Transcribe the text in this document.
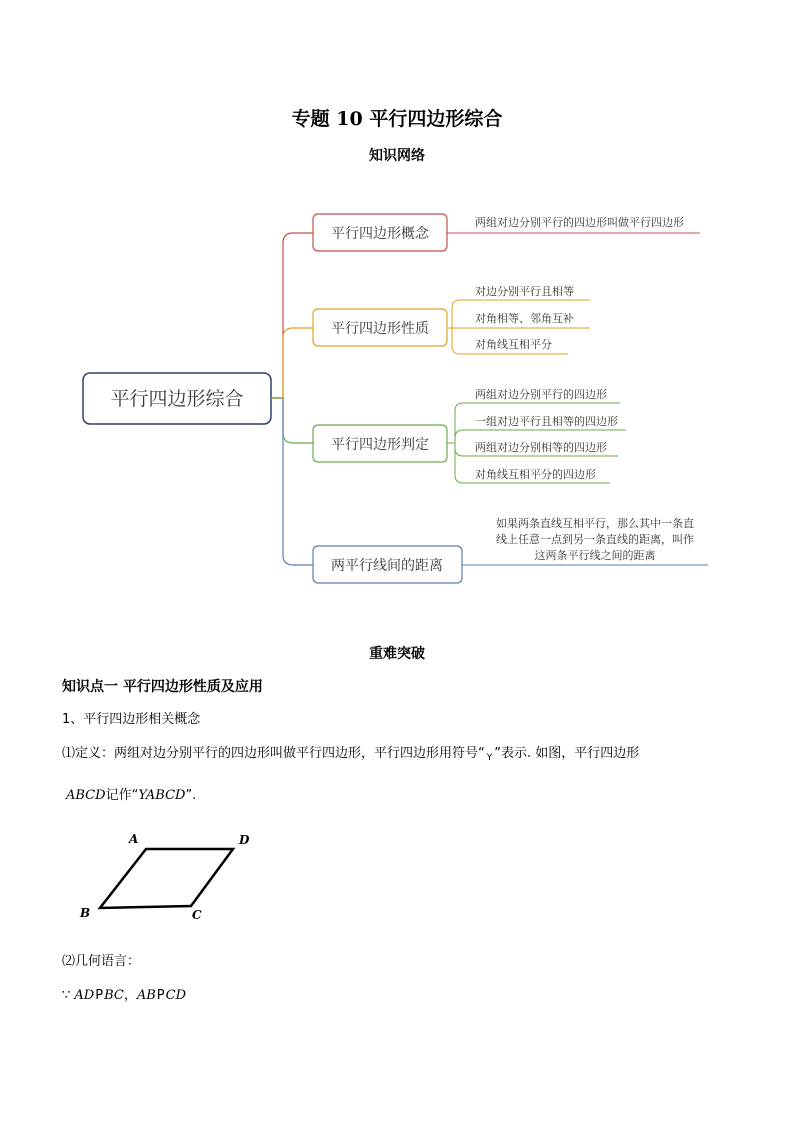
专题 10 平行四边形综合
知识网络
平行四边形综合
平行四边形概念
两组对边分别平行的四边形叫做平行四边形
平行四边形性质
对边分别平行且相等
对角相等、邻角互补
对角线互相平分
平行四边形判定
两组对边分别平行的四边形
一组对边平行且相等的四边形
两组对边分别相等的四边形
对角线互相平分的四边形
两平行线间的距离
如果两条直线互相平行，那么其中一条直
线上任意一点到另一条直线的距离，叫作
这两条平行线之间的距离
重难突破
知识点一 平行四边形性质及应用
1、平行四边形相关概念
⑴定义：两组对边分别平行的四边形叫做平行四边形，平行四边形用符号“ $_Y$ ”表示. 如图，平行四边形
ABCD记作“YABCD”.
A	D
B	C
⑵几何语言：
∵ ADPBC，ABPCD
